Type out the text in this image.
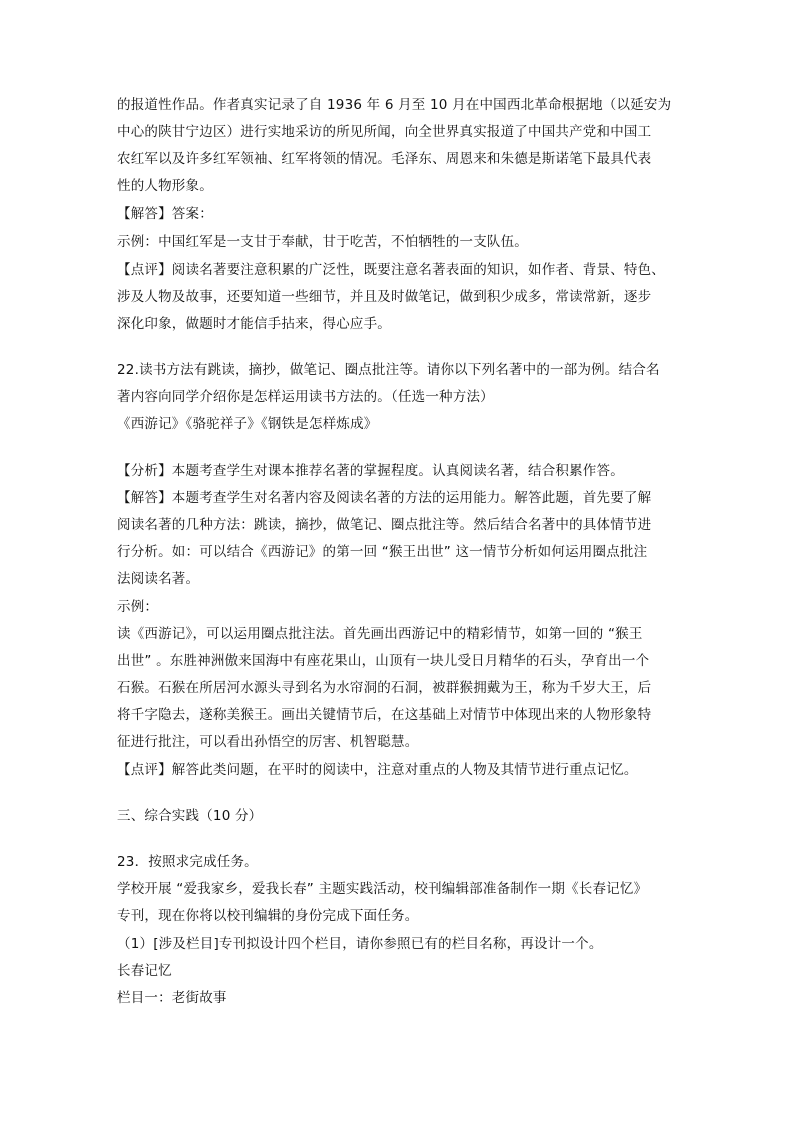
的报道性作品。作者真实记录了自 1936 年 6 月至 10 月在中国西北革命根据地（以延安为
中心的陕甘宁边区）进行实地采访的所见所闻，向全世界真实报道了中国共产党和中国工
农红军以及许多红军领袖、红军将领的情况。毛泽东、周恩来和朱德是斯诺笔下最具代表
性的人物形象。
【解答】答案：
示例：中国红军是一支甘于奉献，甘于吃苦，不怕牺牲的一支队伍。
【点评】阅读名著要注意积累的广泛性，既要注意名著表面的知识，如作者、背景、特色、
涉及人物及故事，还要知道一些细节，并且及时做笔记，做到积少成多，常读常新，逐步
深化印象，做题时才能信手拈来，得心应手。
22.读书方法有跳读，摘抄，做笔记、圈点批注等。请你以下列名著中的一部为例。结合名
著内容向同学介绍你是怎样运用读书方法的。（任选一种方法）
《西游记》《骆驼祥子》《钢铁是怎样炼成》
【分析】本题考查学生对课本推荐名著的掌握程度。认真阅读名著，结合积累作答。
【解答】本题考查学生对名著内容及阅读名著的方法的运用能力。解答此题，首先要了解
阅读名著的几种方法：跳读，摘抄，做笔记、圈点批注等。然后结合名著中的具体情节进
行分析。如：可以结合《西游记》的第一回 “猴王出世” 这一情节分析如何运用圈点批注
法阅读名著。
示例：
读《西游记》，可以运用圈点批注法。首先画出西游记中的精彩情节，如第一回的 “猴王
出世” 。东胜神洲傲来国海中有座花果山，山顶有一块儿受日月精华的石头，孕育出一个
石猴。石猴在所居河水源头寻到名为水帘洞的石洞，被群猴拥戴为王，称为千岁大王，后
将千字隐去，遂称美猴王。画出关键情节后，在这基础上对情节中体现出来的人物形象特
征进行批注，可以看出孙悟空的厉害、机智聪慧。
【点评】解答此类问题，在平时的阅读中，注意对重点的人物及其情节进行重点记忆。
三、综合实践（10 分）
23．按照求完成任务。
学校开展 “爱我家乡，爱我长春” 主题实践活动，校刊编辑部准备制作一期《长春记忆》
专刊，现在你将以校刊编辑的身份完成下面任务。
（1）[涉及栏目]专刊拟设计四个栏目，请你参照已有的栏目名称，再设计一个。
长春记忆
栏目一：老街故事
